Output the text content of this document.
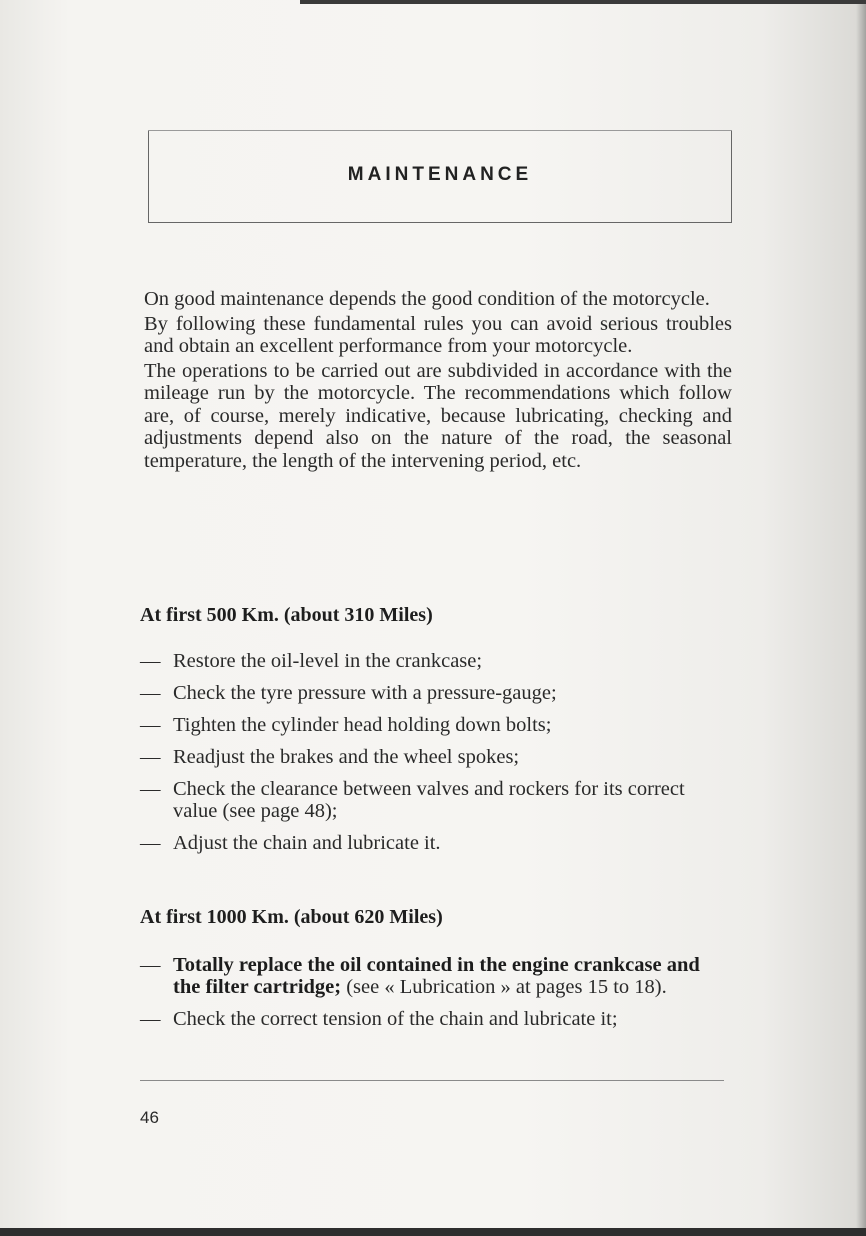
MAINTENANCE

On good maintenance depends the good condition of the motorcycle.

By following these fundamental rules you can avoid serious troubles and obtain an excellent performance from your motorcycle.

The operations to be carried out are subdivided in accordance with the mileage run by the motorcycle. The recommendations which follow are, of course, merely indicative, because lubricating, checking and adjustments depend also on the nature of the road, the seasonal temperature, the length of the intervening period, etc.

At first 500 Km. (about 310 Miles)
— Restore the oil-level in the crankcase;
— Check the tyre pressure with a pressure-gauge;
— Tighten the cylinder head holding down bolts;
— Readjust the brakes and the wheel spokes;
— Check the clearance between valves and rockers for its correct value (see page 48);
— Adjust the chain and lubricate it.
At first 1000 Km. (about 620 Miles)
— Totally replace the oil contained in the engine crankcase and the filter cartridge; (see « Lubrication » at pages 15 to 18).
— Check the correct tension of the chain and lubricate it;
46
